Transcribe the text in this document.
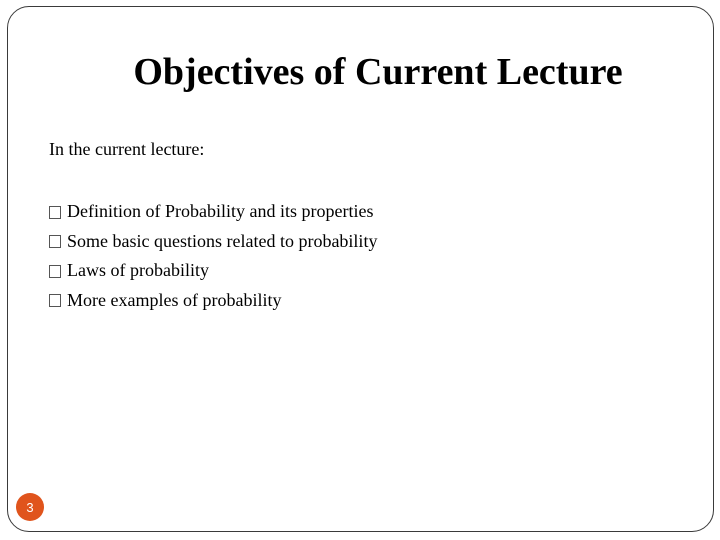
Objectives of Current Lecture
In the current lecture:
Definition of Probability and its properties
Some basic questions related to probability
Laws of probability
More examples of probability
3
